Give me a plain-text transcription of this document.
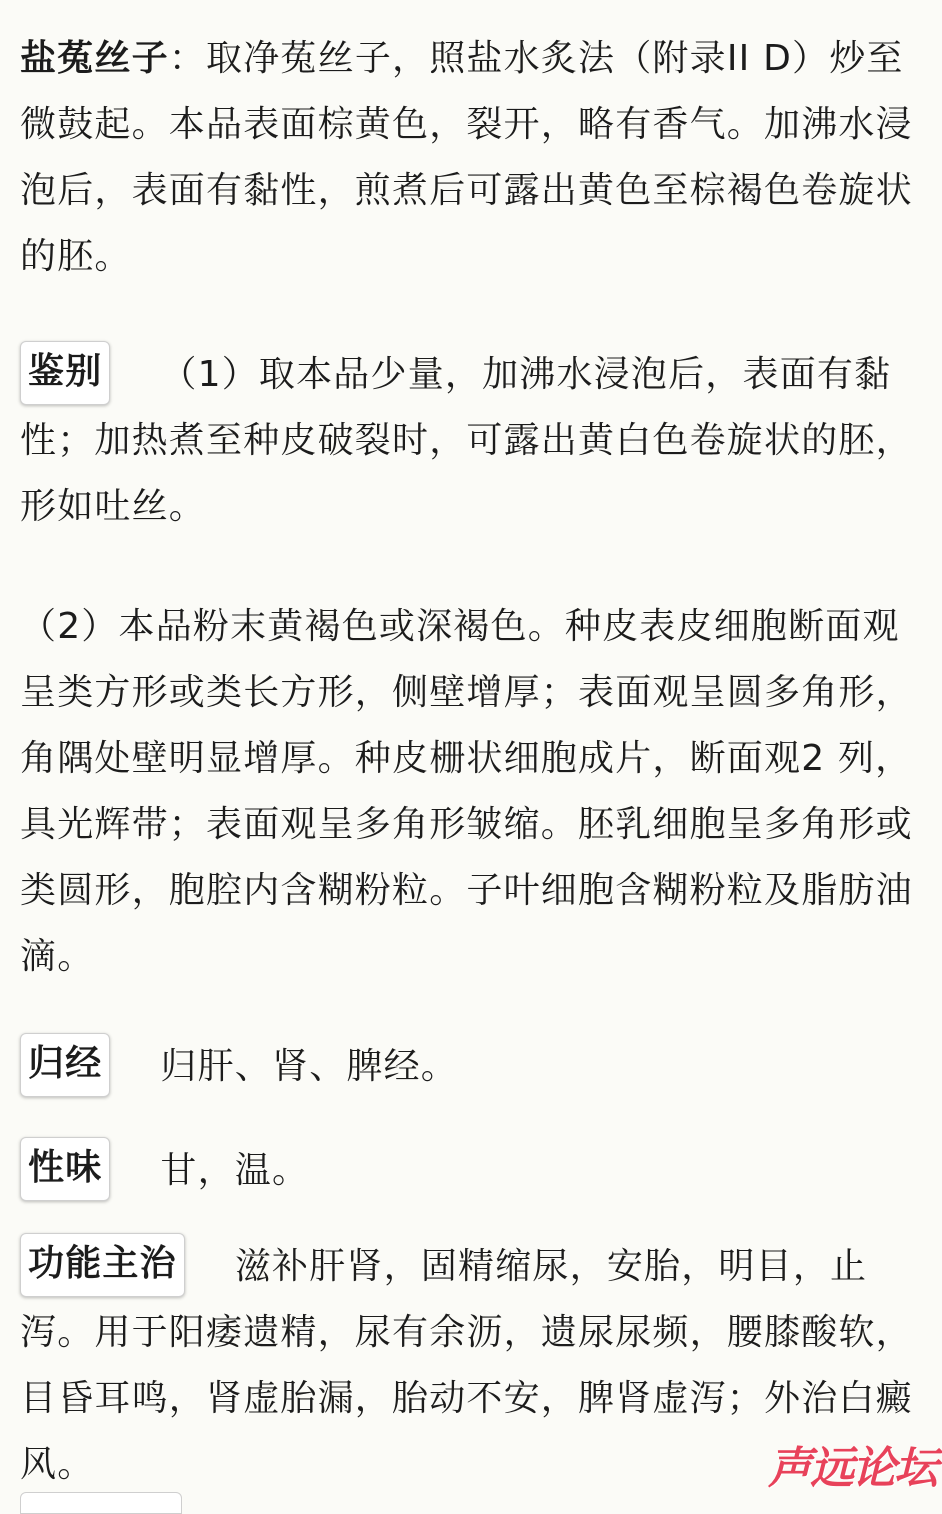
盐菟丝子：取净菟丝子，照盐水炙法（附录II D）炒至微鼓起。本品表面棕黄色，裂开，略有香气。加沸水浸泡后，表面有黏性，煎煮后可露出黄色至棕褐色卷旋状的胚。

鉴别 （1）取本品少量，加沸水浸泡后，表面有黏性；加热煮至种皮破裂时，可露出黄白色卷旋状的胚，形如吐丝。

（2）本品粉末黄褐色或深褐色。种皮表皮细胞断面观呈类方形或类长方形，侧壁增厚；表面观呈圆多角形，角隅处壁明显增厚。种皮栅状细胞成片，断面观2 列，具光辉带；表面观呈多角形皱缩。胚乳细胞呈多角形或类圆形，胞腔内含糊粉粒。子叶细胞含糊粉粒及脂肪油滴。

归经 归肝、肾、脾经。

性味 甘，温。

功能主治 滋补肝肾，固精缩尿，安胎，明目，止泻。用于阳痿遗精，尿有余沥，遗尿尿频，腰膝酸软，目昏耳鸣，肾虚胎漏，胎动不安，脾肾虚泻；外治白癜风。	声远论坛
